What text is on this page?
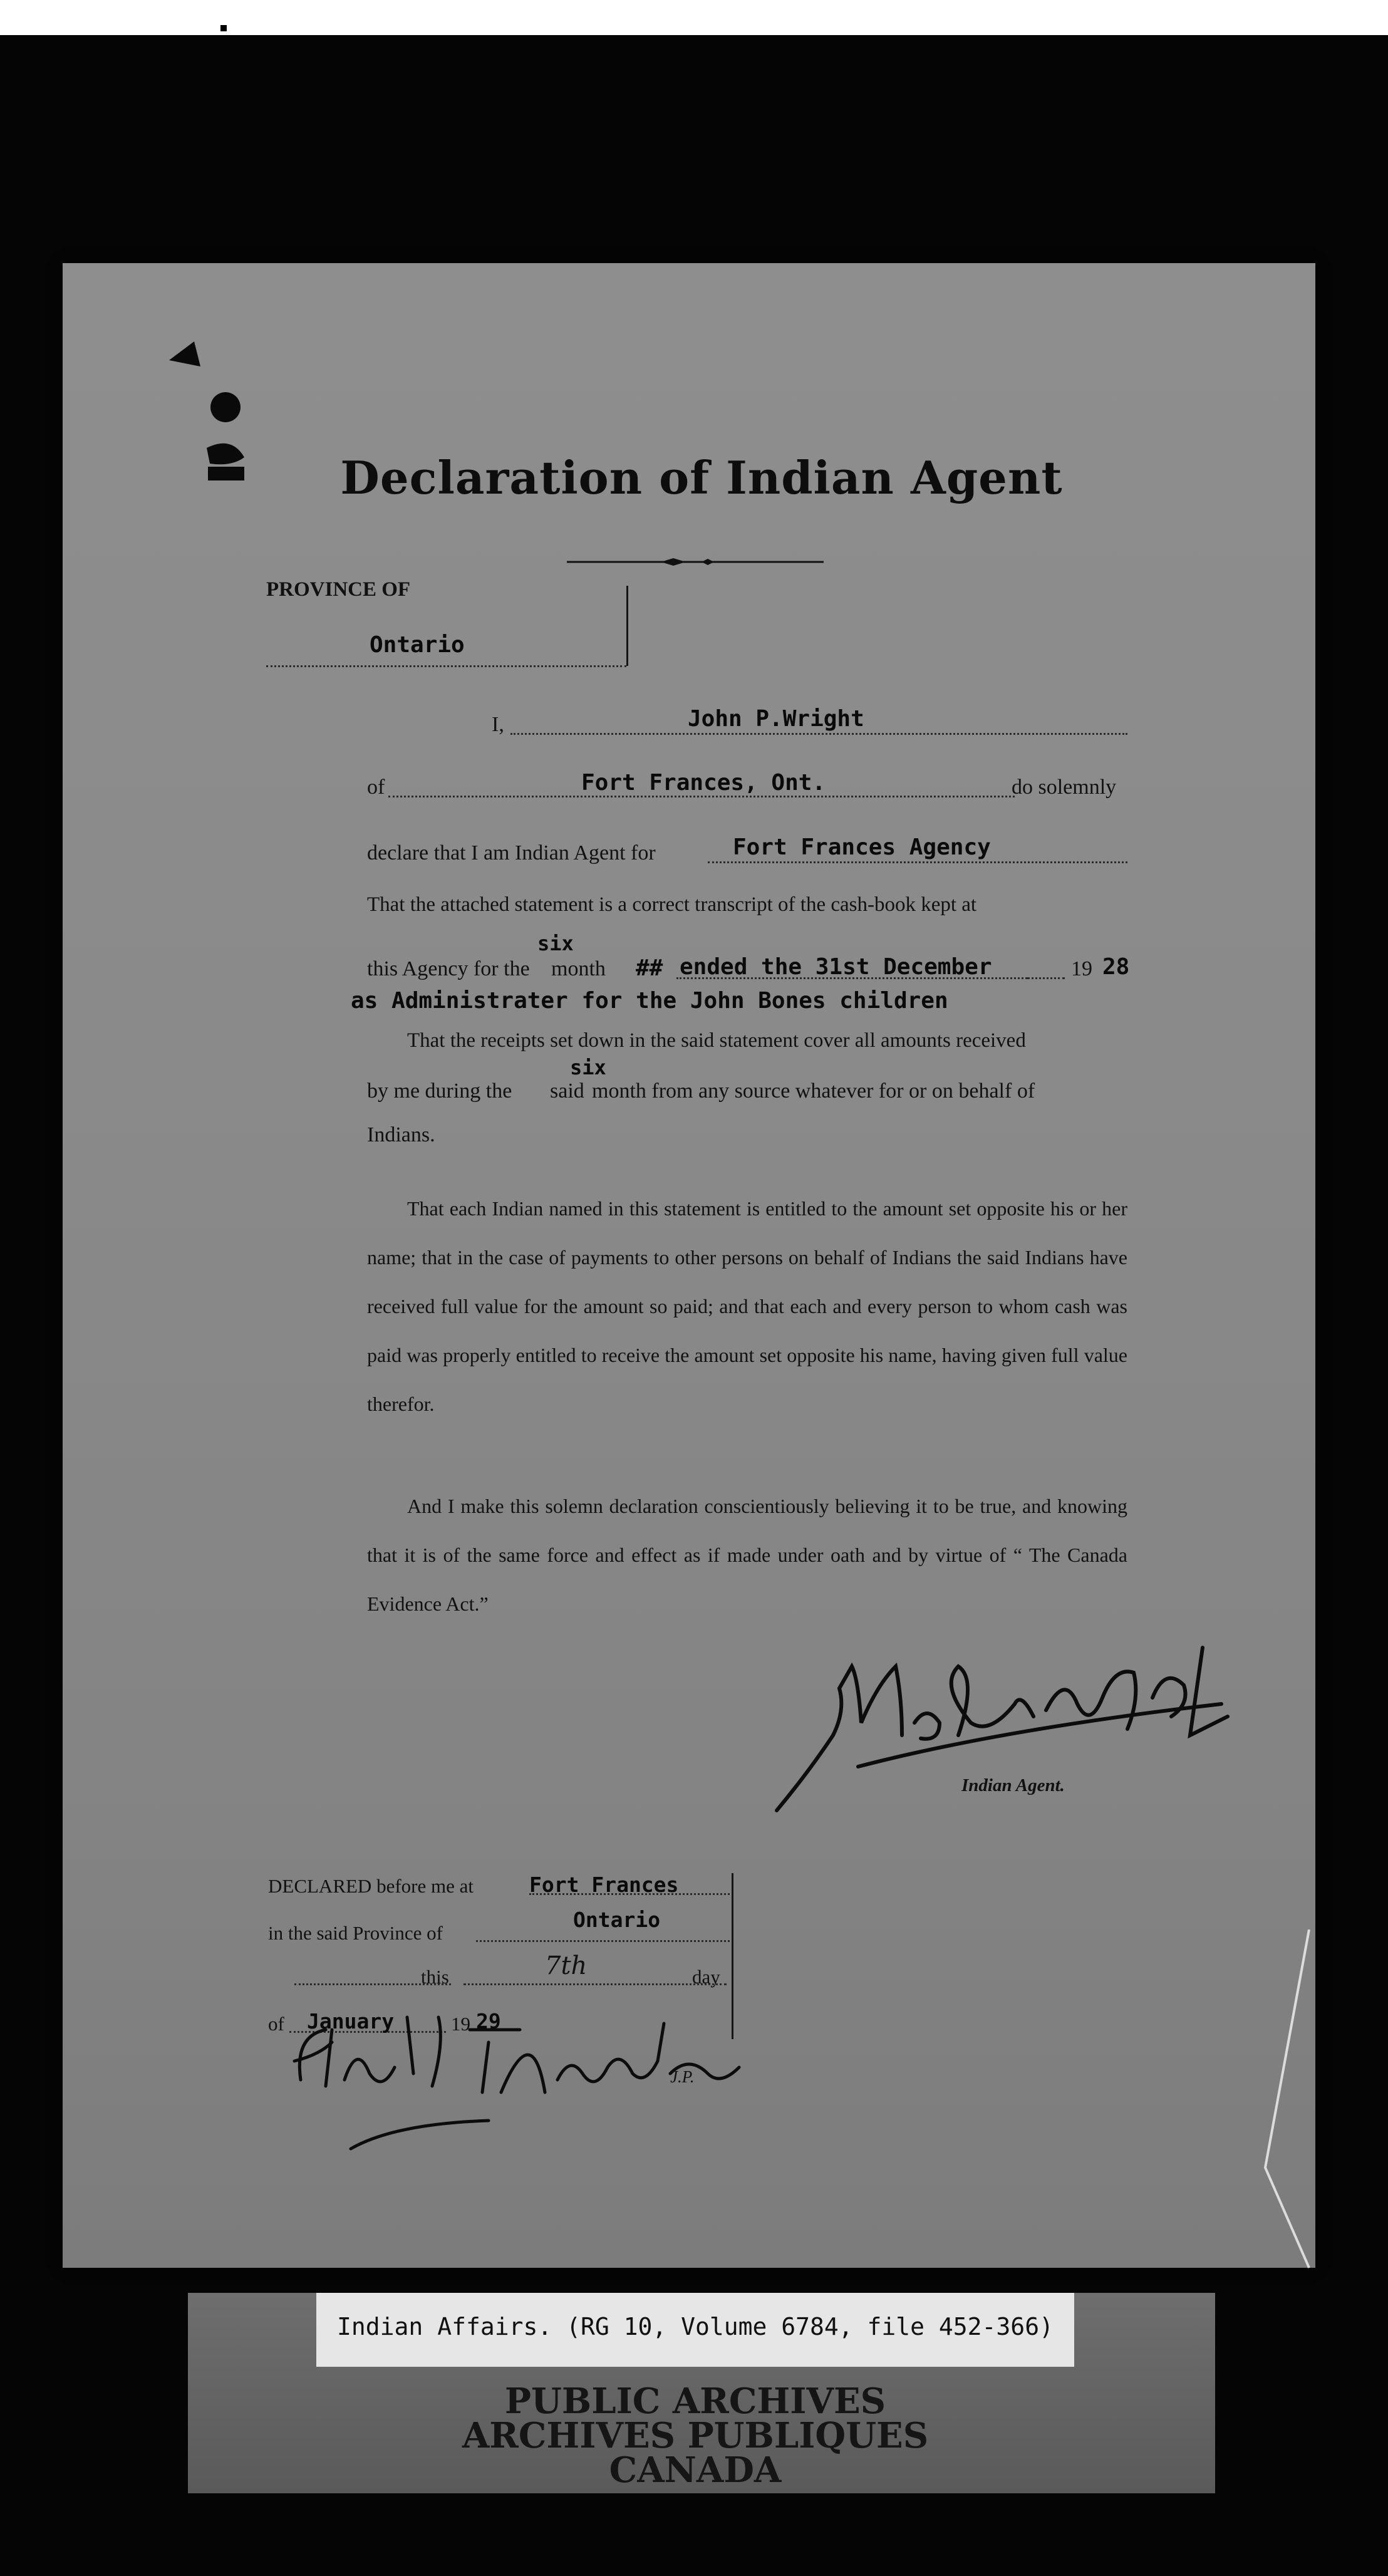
Declaration of Indian Agent
PROVINCE OF
Ontario
I,	John P.Wright
of	Fort Frances, Ont.	do solemnly
declare that I am Indian Agent for	Fort Frances Agency
That the attached statement is a correct transcript of the cash-book kept at
this Agency for the
six
month ## ended the 31st December	19 28
as Administrater for the John Bones children
That the receipts set down in the said statement cover all amounts received
by me during the said
six
month from any source whatever for or on behalf of
Indians.
That each Indian named in this statement is entitled to the amount set opposite his or her name; that in the case of payments to other persons on behalf of Indians the said Indians have received full value for the amount so paid; and that each and every person to whom cash was paid was properly entitled to receive the amount set opposite his name, having given full value therefor.
And I make this solemn declaration conscientiously believing it to be true, and knowing that it is of the same force and effect as if made under oath and by virtue of “ The Canada Evidence Act.”
Indian Agent.
DECLARED before me at	Fort Frances
in the said Province of
Ontario
this	7th	day
of January	19 29
J.P.
Indian Affairs. (RG 10, Volume 6784, file 452-366)
PUBLIC ARCHIVES
ARCHIVES PUBLIQUES
CANADA
